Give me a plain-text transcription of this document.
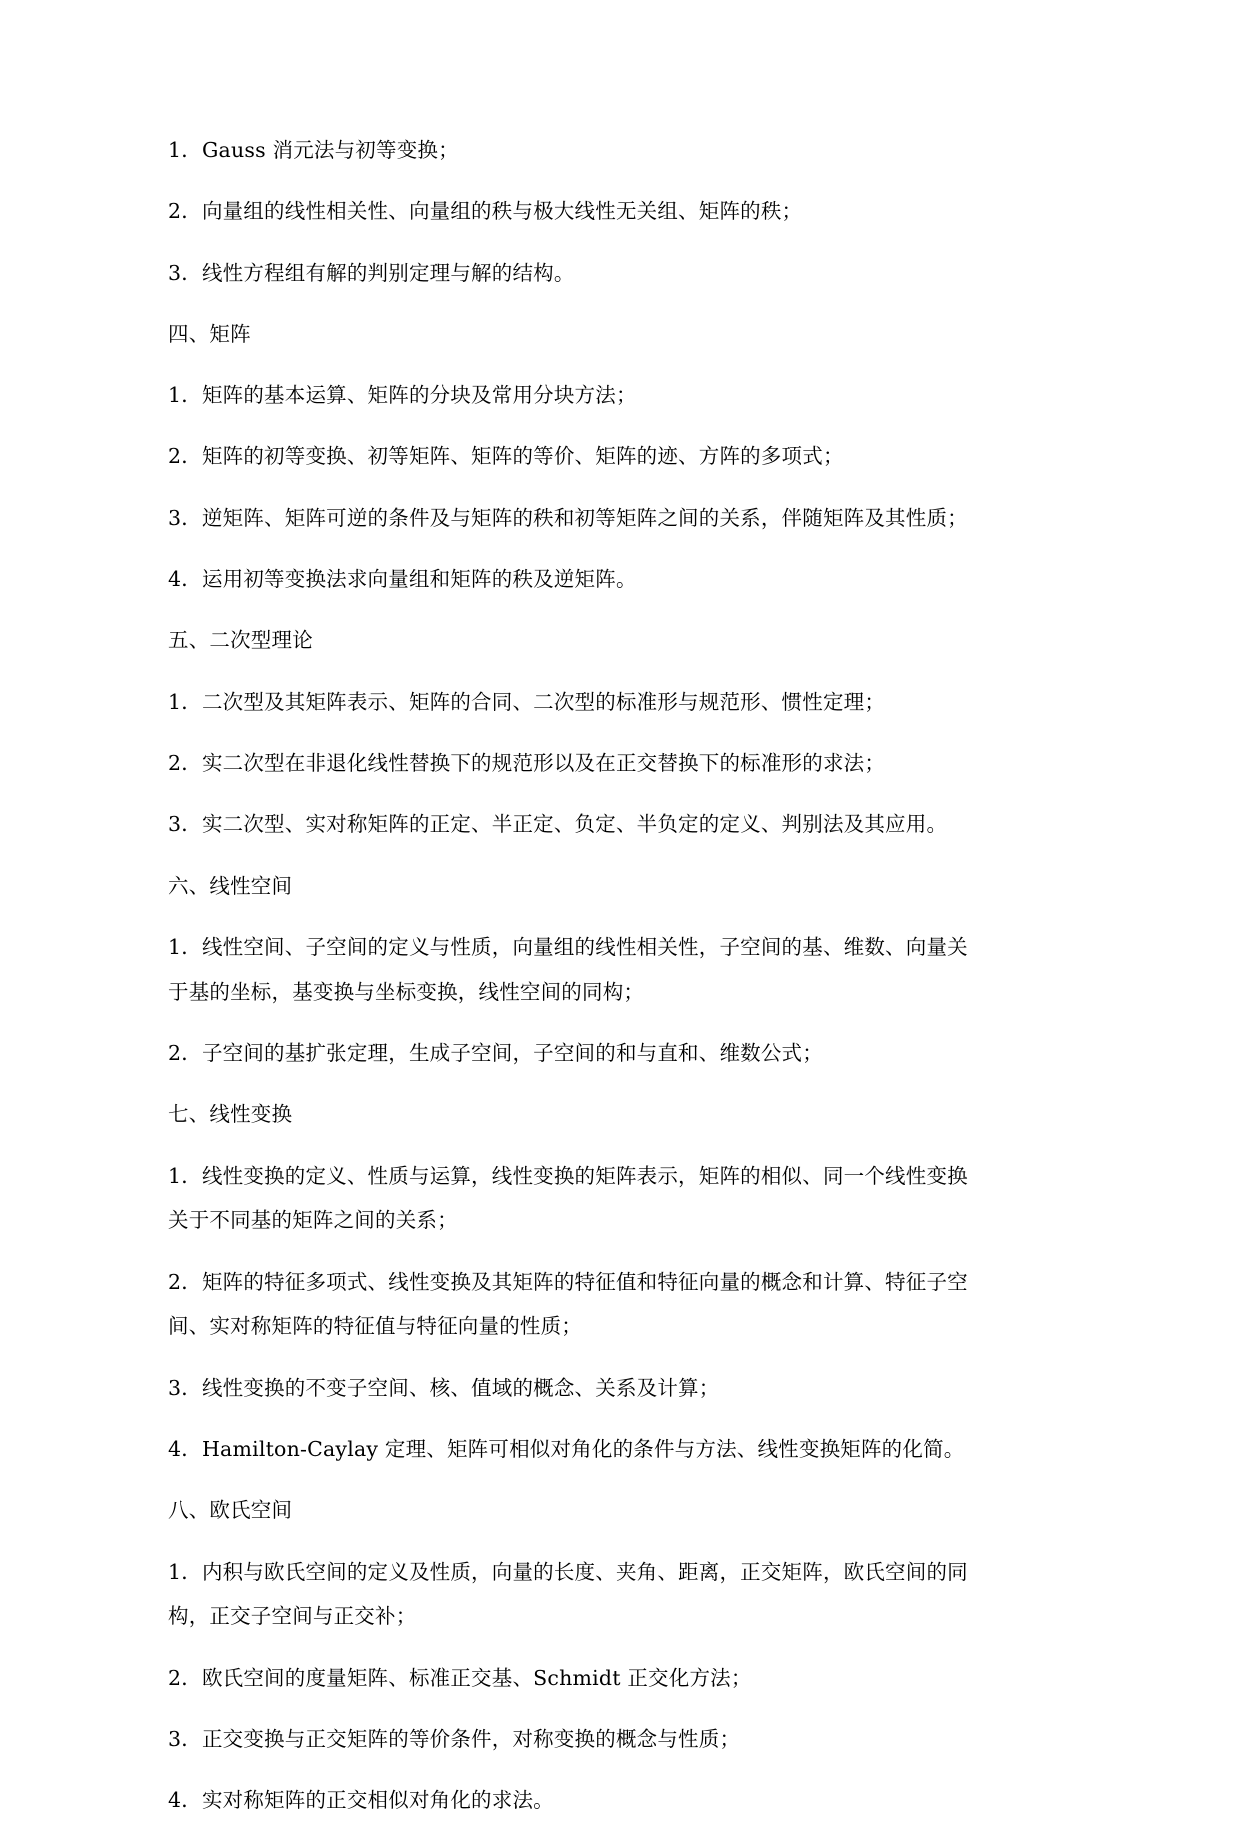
1．Gauss 消元法与初等变换；

2．向量组的线性相关性、向量组的秩与极大线性无关组、矩阵的秩；

3．线性方程组有解的判别定理与解的结构。

四、矩阵

1．矩阵的基本运算、矩阵的分块及常用分块方法；

2．矩阵的初等变换、初等矩阵、矩阵的等价、矩阵的迹、方阵的多项式；

3．逆矩阵、矩阵可逆的条件及与矩阵的秩和初等矩阵之间的关系，伴随矩阵及其性质；

4．运用初等变换法求向量组和矩阵的秩及逆矩阵。

五、二次型理论

1．二次型及其矩阵表示、矩阵的合同、二次型的标准形与规范形、惯性定理；

2．实二次型在非退化线性替换下的规范形以及在正交替换下的标准形的求法；

3．实二次型、实对称矩阵的正定、半正定、负定、半负定的定义、判别法及其应用。

六、线性空间

1．线性空间、子空间的定义与性质，向量组的线性相关性，子空间的基、维数、向量关于基的坐标，基变换与坐标变换，线性空间的同构；

2．子空间的基扩张定理，生成子空间，子空间的和与直和、维数公式；

七、线性变换

1．线性变换的定义、性质与运算，线性变换的矩阵表示，矩阵的相似、同一个线性变换关于不同基的矩阵之间的关系；

2．矩阵的特征多项式、线性变换及其矩阵的特征值和特征向量的概念和计算、特征子空间、实对称矩阵的特征值与特征向量的性质；

3．线性变换的不变子空间、核、值域的概念、关系及计算；

4．Hamilton-Caylay 定理、矩阵可相似对角化的条件与方法、线性变换矩阵的化简。

八、欧氏空间

1．内积与欧氏空间的定义及性质，向量的长度、夹角、距离，正交矩阵，欧氏空间的同构，正交子空间与正交补；

2．欧氏空间的度量矩阵、标准正交基、Schmidt 正交化方法；

3．正交变换与正交矩阵的等价条件，对称变换的概念与性质；

4．实对称矩阵的正交相似对角化的求法。
